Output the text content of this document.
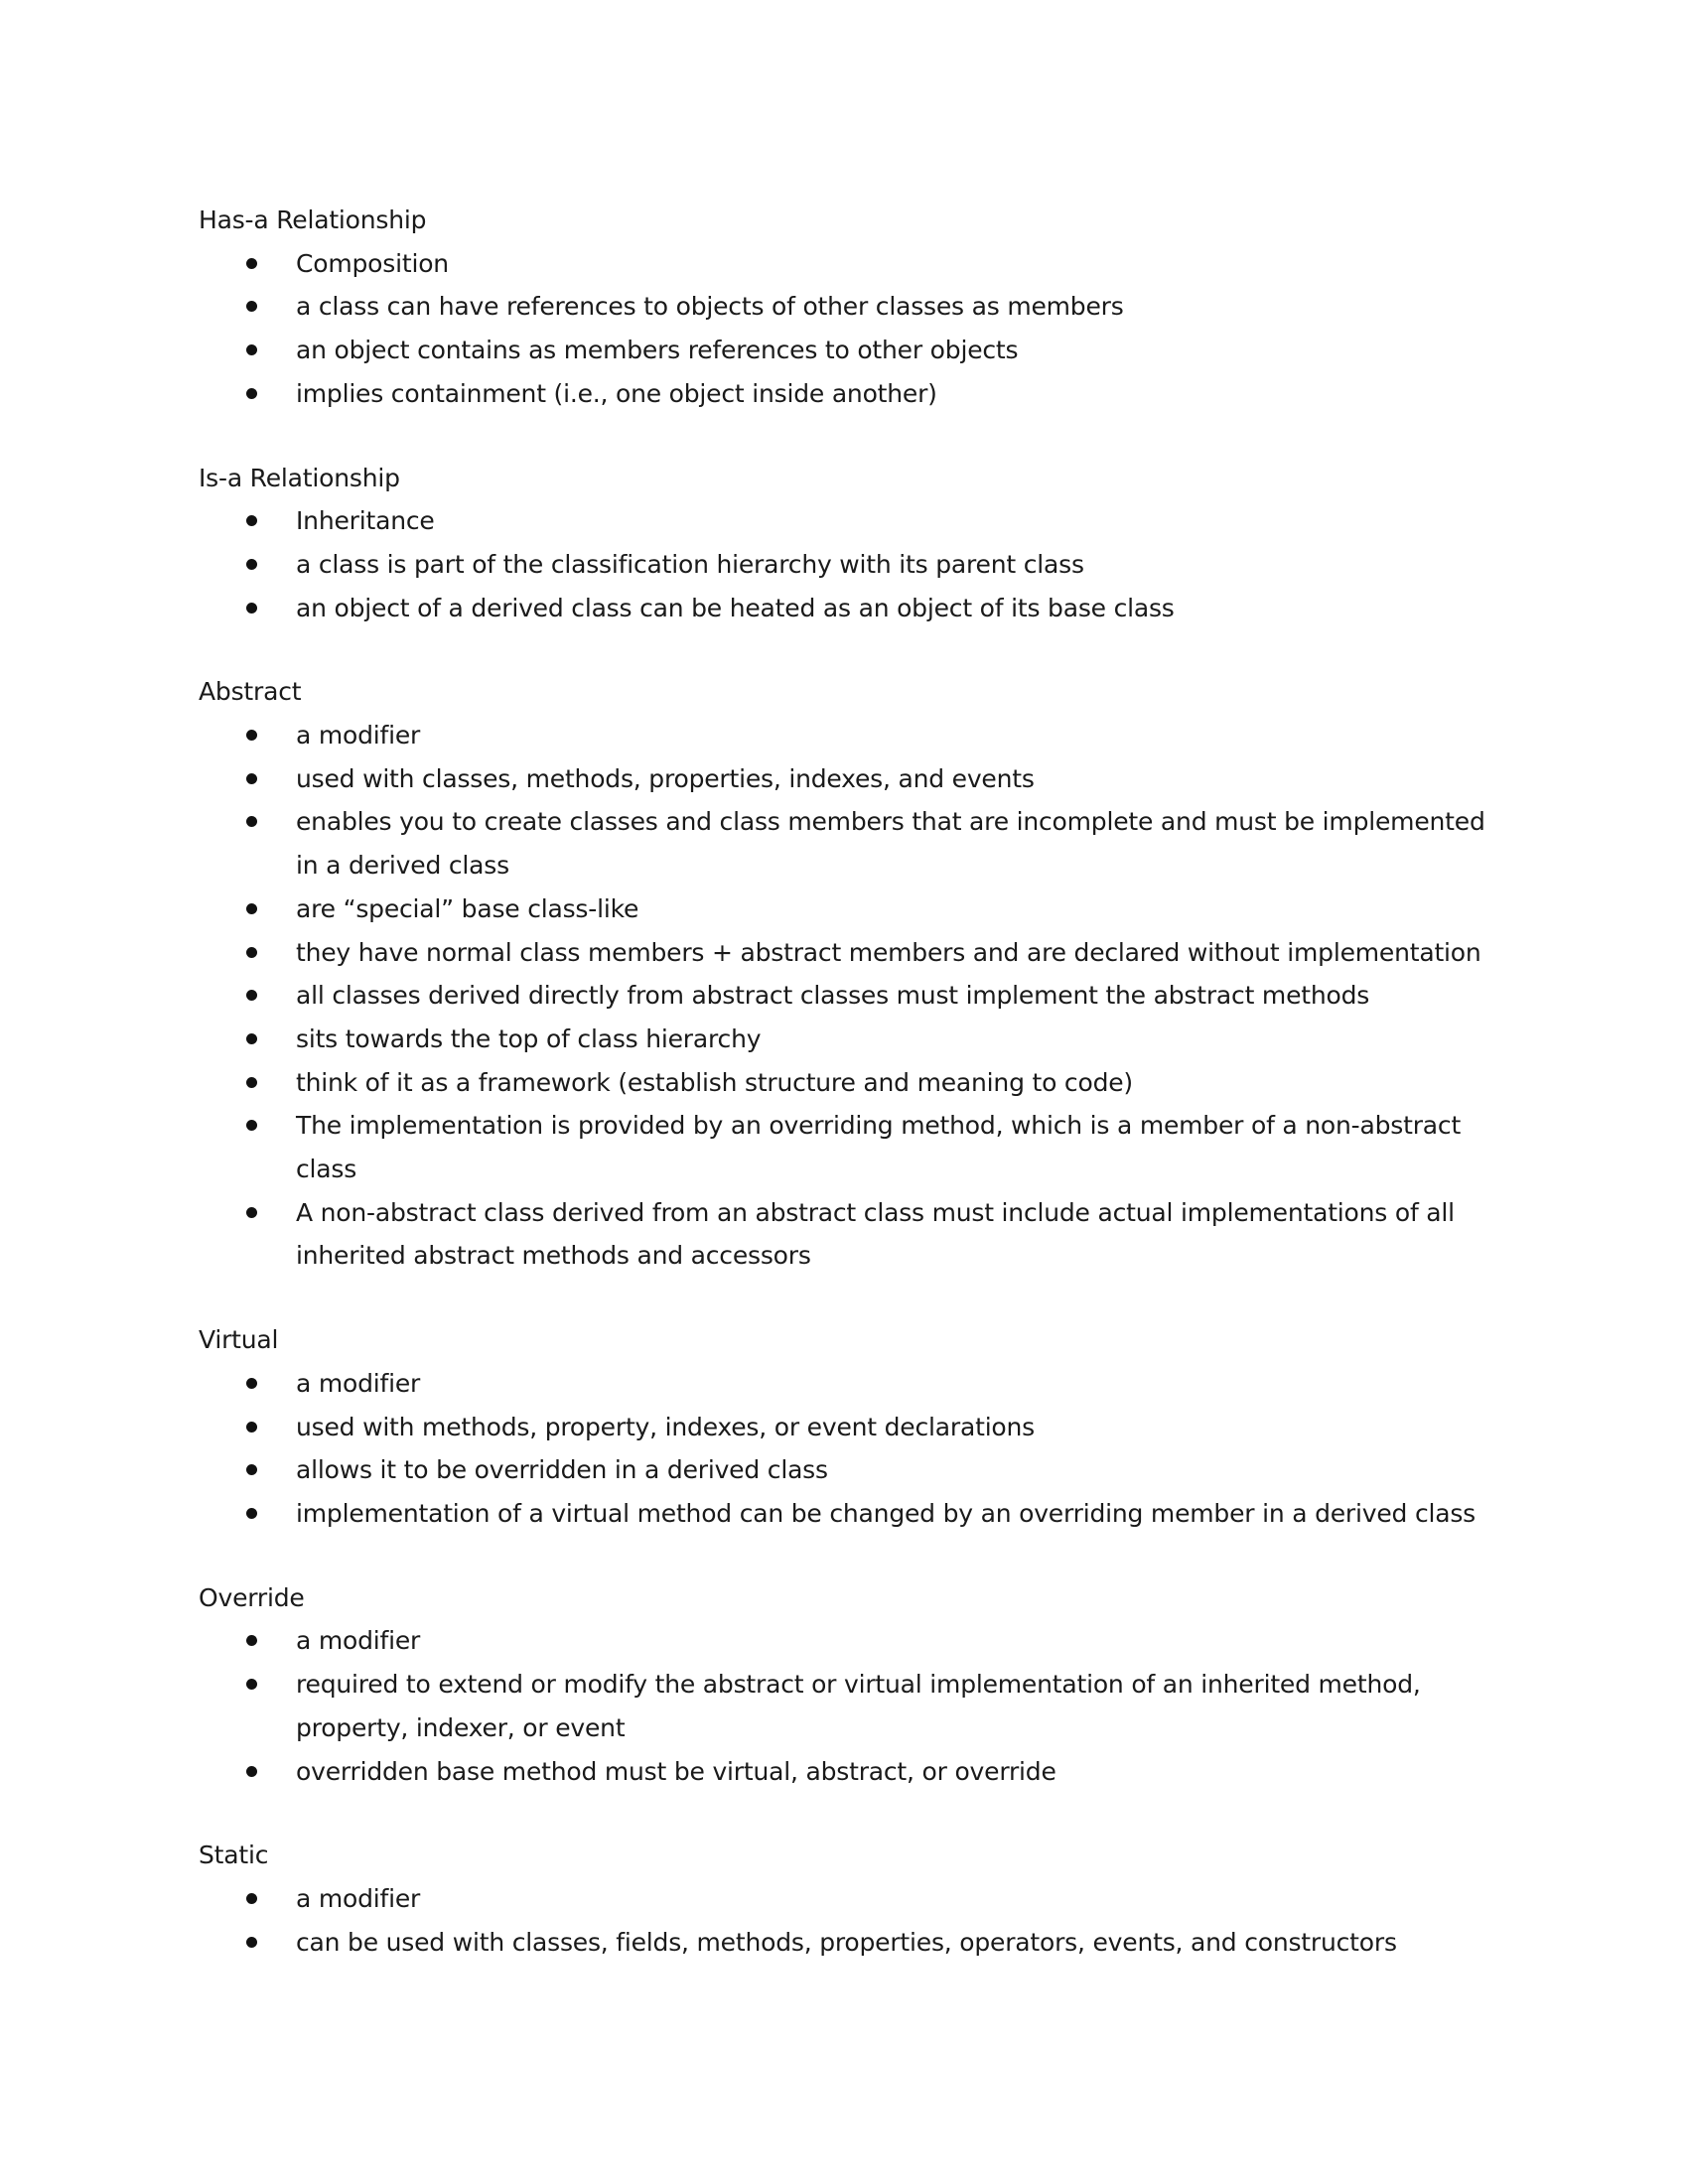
Has-a Relationship
Composition
a class can have references to objects of other classes as members
an object contains as members references to other objects
implies containment (i.e., one object inside another)
Is-a Relationship
Inheritance
a class is part of the classification hierarchy with its parent class
an object of a derived class can be heated as an object of its base class
Abstract
a modifier
used with classes, methods, properties, indexes, and events
enables you to create classes and class members that are incomplete and must be implemented in a derived class
are “special” base class-like
they have normal class members + abstract members and are declared without implementation
all classes derived directly from abstract classes must implement the abstract methods
sits towards the top of class hierarchy
think of it as a framework (establish structure and meaning to code)
The implementation is provided by an overriding method, which is a member of a non-abstract class
A non-abstract class derived from an abstract class must include actual implementations of all inherited abstract methods and accessors
Virtual
a modifier
used with methods, property, indexes, or event declarations
allows it to be overridden in a derived class
implementation of a virtual method can be changed by an overriding member in a derived class
Override
a modifier
required to extend or modify the abstract or virtual implementation of an inherited method, property, indexer, or event
overridden base method must be virtual, abstract, or override
Static
a modifier
can be used with classes, fields, methods, properties, operators, events, and constructors
